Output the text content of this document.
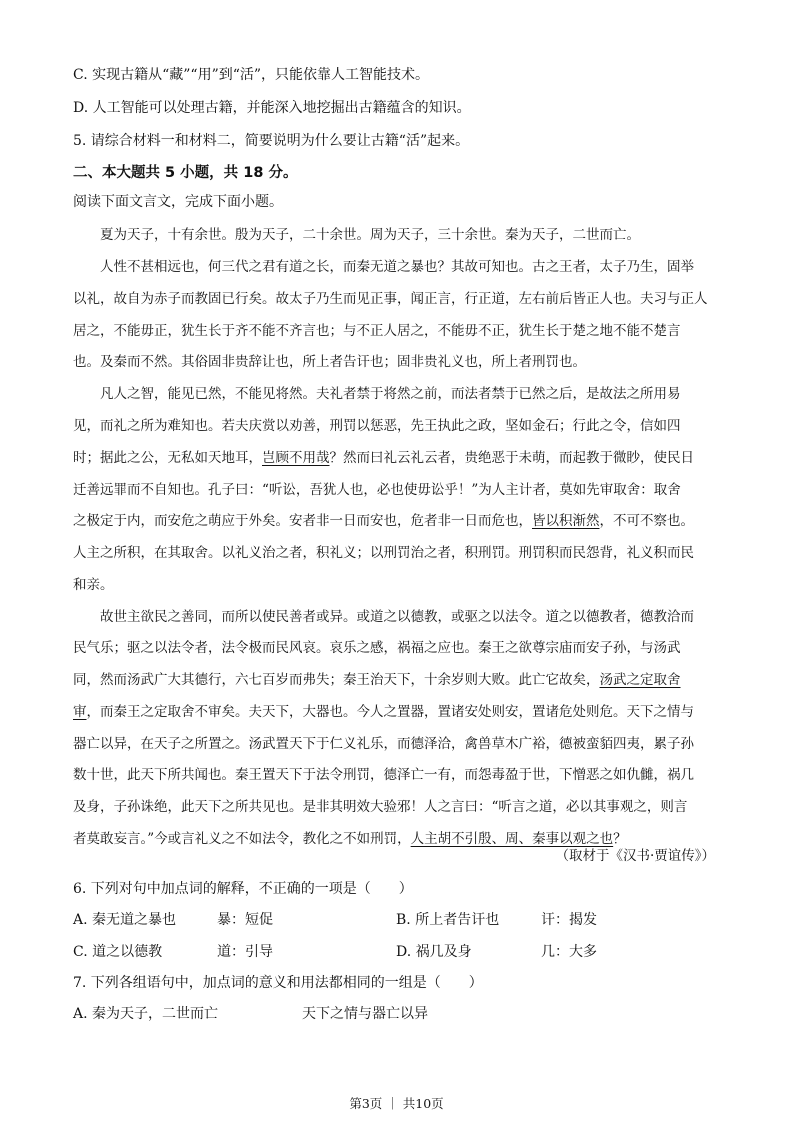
C. 实现古籍从“藏”“用”到“活”，只能依靠人工智能技术。
D. 人工智能可以处理古籍，并能深入地挖掘出古籍蕴含的知识。
5. 请综合材料一和材料二，简要说明为什么要让古籍“活”起来。
二、本大题共 5 小题，共 18 分。
阅读下面文言文，完成下面小题。
夏为天子，十有余世。殷为天子，二十余世。周为天子，三十余世。秦为天子，二世而亡。
人性不甚相远也，何三代之君有道之长，而秦无道之暴也？其故可知也。古之王者，太子乃生，固举
以礼，故自为赤子而教固已行矣。故太子乃生而见正事，闻正言，行正道，左右前后皆正人也。夫习与正人
居之，不能毋正，犹生长于齐不能不齐言也；与不正人居之，不能毋不正，犹生长于楚之地不能不楚言
也。及秦而不然。其俗固非贵辞让也，所上者告讦也；固非贵礼义也，所上者刑罚也。
凡人之智，能见已然，不能见将然。夫礼者禁于将然之前，而法者禁于已然之后，是故法之所用易
见，而礼之所为难知也。若夫庆赏以劝善，刑罚以惩恶，先王执此之政，坚如金石；行此之令，信如四
时；据此之公，无私如天地耳，岂顾不用哉？然而曰礼云礼云者，贵绝恶于未萌，而起教于微眇，使民日
迁善远罪而不自知也。孔子曰：“听讼，吾犹人也，必也使毋讼乎！”为人主计者，莫如先审取舍：取舍
之极定于内，而安危之萌应于外矣。安者非一日而安也，危者非一日而危也，皆以积渐然，不可不察也。
人主之所积，在其取舍。以礼义治之者，积礼义；以刑罚治之者，积刑罚。刑罚积而民怨背，礼义积而民
和亲。
故世主欲民之善同，而所以使民善者或异。或道之以德教，或驱之以法令。道之以德教者，德教洽而
民气乐；驱之以法令者，法令极而民风哀。哀乐之感，祸福之应也。秦王之欲尊宗庙而安子孙，与汤武
同，然而汤武广大其德行，六七百岁而弗失；秦王治天下，十余岁则大败。此亡它故矣，汤武之定取舍
审，而秦王之定取舍不审矣。夫天下，大器也。今人之置器，置诸安处则安，置诸危处则危。天下之情与
器亡以异，在天子之所置之。汤武置天下于仁义礼乐，而德泽洽，禽兽草木广裕，德被蛮貊四夷，累子孙
数十世，此天下所共闻也。秦王置天下于法令刑罚，德泽亡一有，而怨毒盈于世，下憎恶之如仇雠，祸几
及身，子孙诛绝，此天下之所共见也。是非其明效大验邪！人之言曰：“听言之道，必以其事观之，则言
者莫敢妄言。”今或言礼义之不如法令，教化之不如刑罚，人主胡不引殷、周、秦事以观之也？
（取材于《汉书·贾谊传》）
6. 下列对句中加点词的解释，不正确的一项是（　　）
A. 秦无道之暴也	暴：短促	B. 所上者告讦也	讦：揭发
C. 道之以德教	道：引导	D. 祸几及身	几：大多
7. 下列各组语句中，加点词的意义和用法都相同的一组是（　　）
A. 秦为天子，二世而亡	天下之情与器亡以异
第3页 ｜ 共10页
